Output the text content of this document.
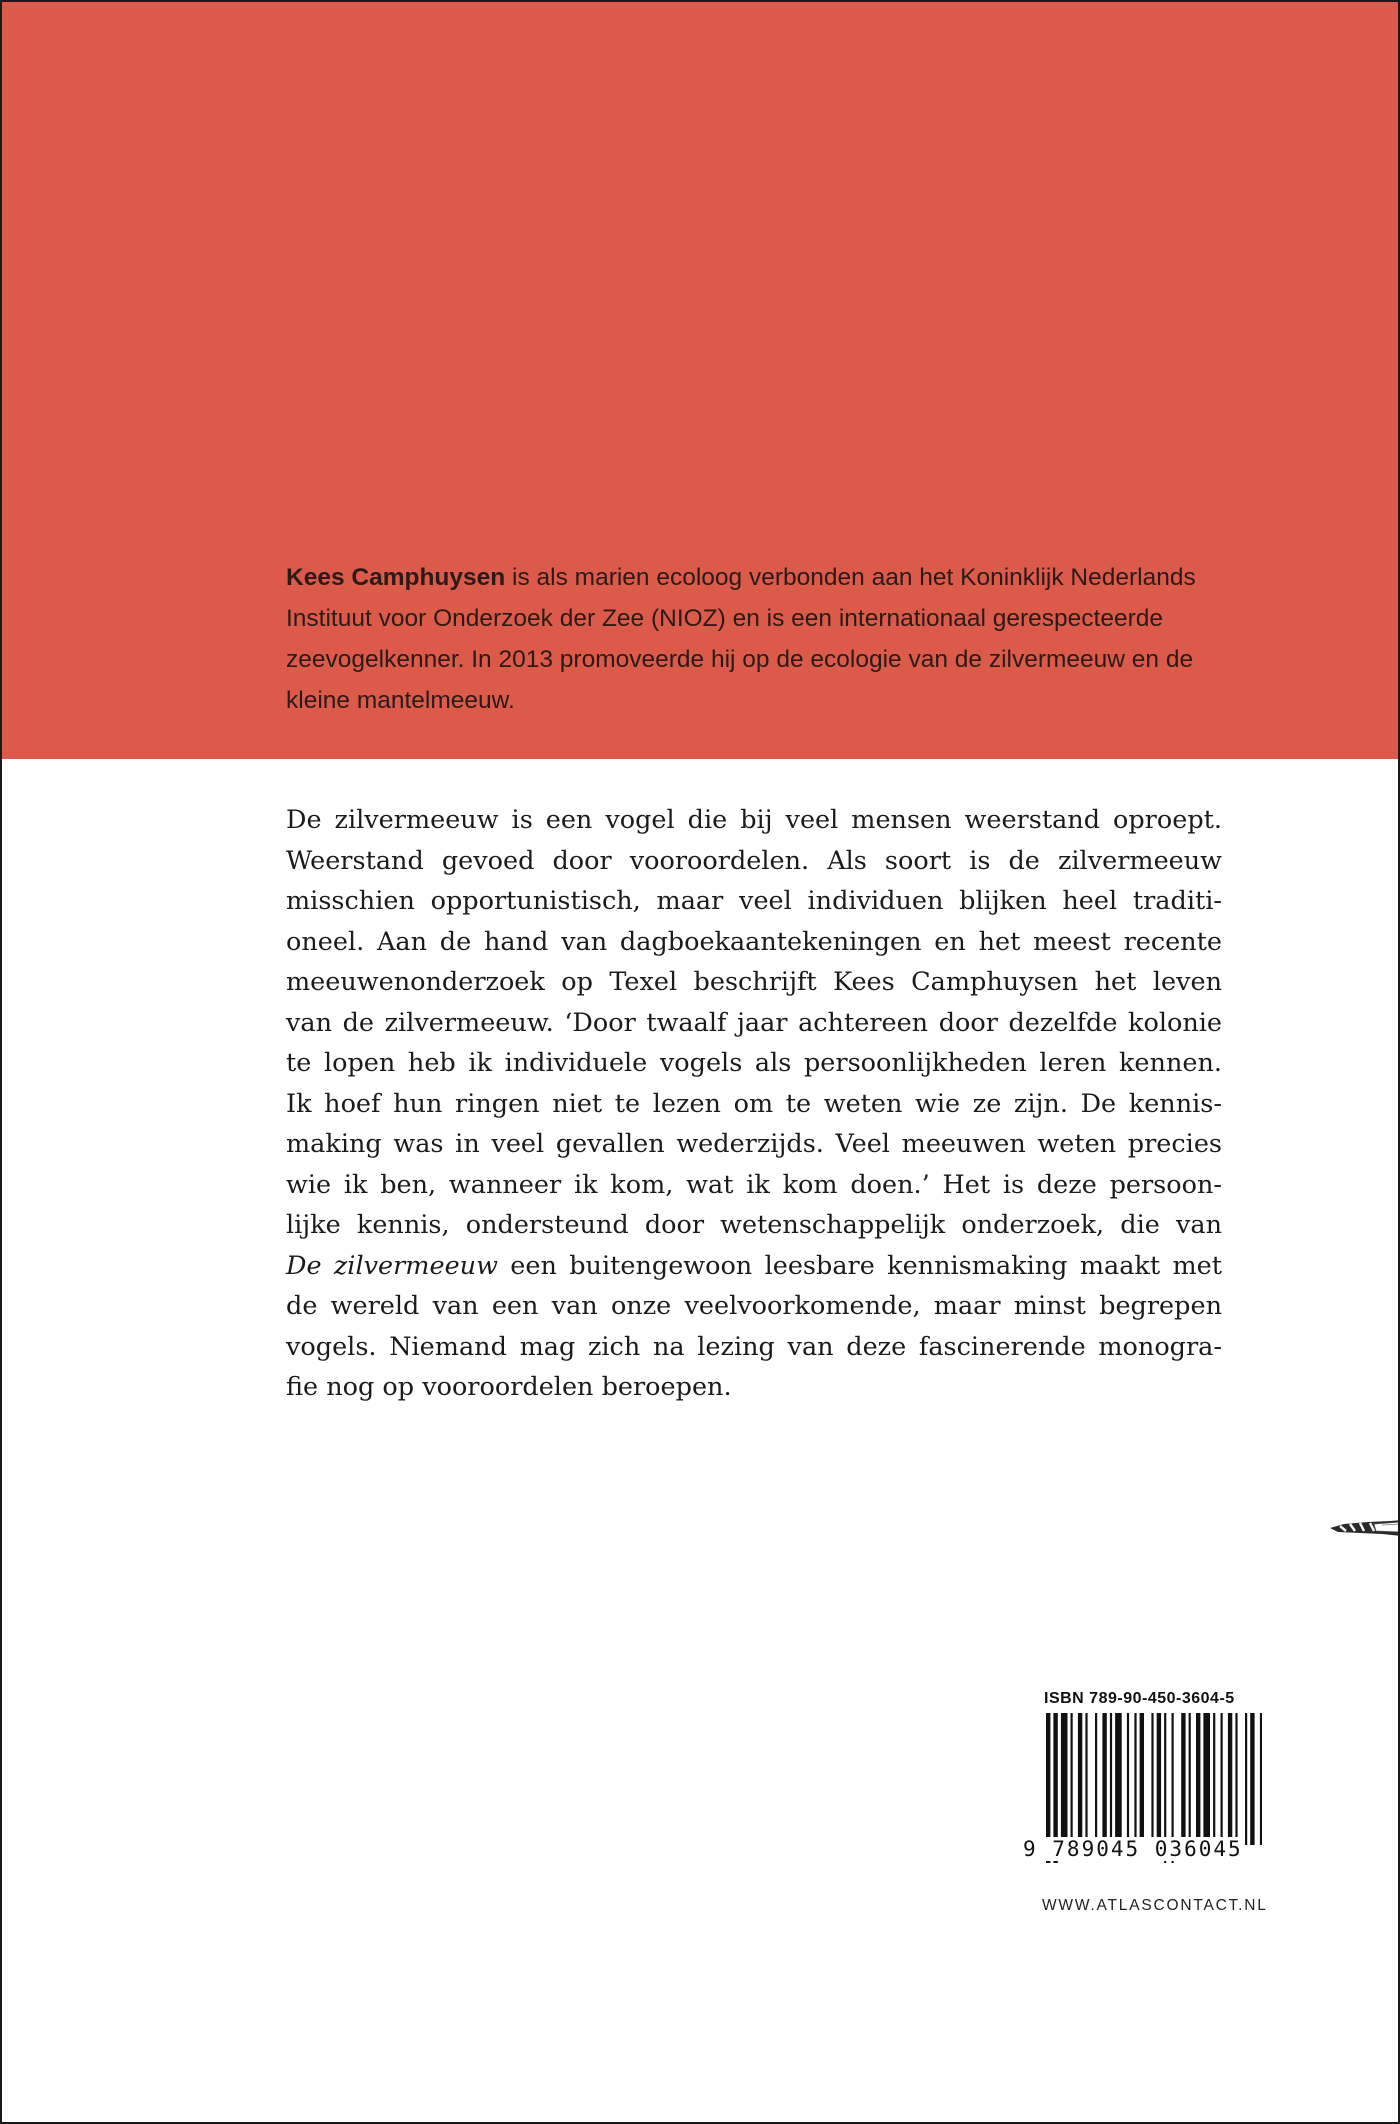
Kees Camphuysen is als marien ecoloog verbonden aan het Koninklijk Nederlands Instituut voor Onderzoek der Zee (NIOZ) en is een internationaal gerespecteerde zeevogelkenner. In 2013 promoveerde hij op de ecologie van de zilvermeeuw en de kleine mantelmeeuw.

De zilvermeeuw is een vogel die bij veel mensen weerstand oproept.
Weerstand gevoed door vooroordelen. Als soort is de zilvermeeuw
misschien opportunistisch, maar veel individuen blijken heel traditi-
oneel. Aan de hand van dagboekaantekeningen en het meest recente
meeuwenonderzoek op Texel beschrijft Kees Camphuysen het leven
van de zilvermeeuw. ‘Door twaalf jaar achtereen door dezelfde kolonie
te lopen heb ik individuele vogels als persoonlijkheden leren kennen.
Ik hoef hun ringen niet te lezen om te weten wie ze zijn. De kennis-
making was in veel gevallen wederzijds. Veel meeuwen weten precies
wie ik ben, wanneer ik kom, wat ik kom doen.’ Het is deze persoon-
lijke kennis, ondersteund door wetenschappelijk onderzoek, die van
De zilvermeeuw een buitengewoon leesbare kennismaking maakt met
de wereld van een van onze veelvoorkomende, maar minst begrepen
vogels. Niemand mag zich na lezing van deze fascinerende monogra-
fie nog op vooroordelen beroepen.
ISBN 789-90-450-3604-5
9 789045 036045
WWW.ATLASCONTACT.NL
